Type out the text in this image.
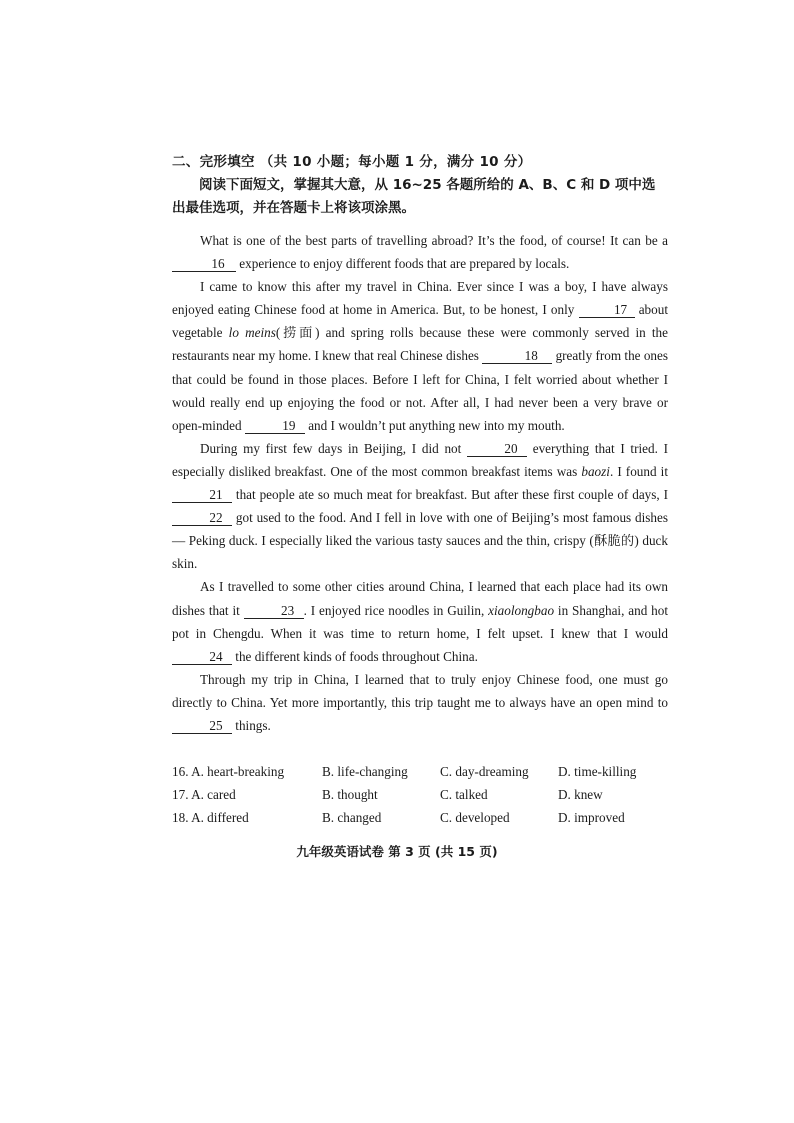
二、完形填空 （共 10 小题；每小题 1 分，满分 10 分）
阅读下面短文，掌握其大意，从 16~25 各题所给的 A、B、C 和 D 项中选出最佳选项，并在答题卡上将该项涂黑。

What is one of the best parts of travelling abroad? It’s the food, of course! It can be a 16 experience to enjoy different foods that are prepared by locals.

I came to know this after my travel in China. Ever since I was a boy, I have always enjoyed eating Chinese food at home in America. But, to be honest, I only	17 about vegetable lo meins(捞面) and spring rolls because these were commonly served in the restaurants near my home. I knew that real Chinese dishes	18 greatly from the ones that could be found in those places. Before I left for China, I felt worried about whether I would really end up enjoying the food or not. After all, I had never been a very brave or open-minded	19 and I wouldn’t put anything new into my mouth.

During my first few days in Beijing, I did not	20 everything that I tried. I especially disliked breakfast. One of the most common breakfast items was baozi. I found it 21 that people ate so much meat for breakfast. But after these first couple of days, I 22 got used to the food. And I fell in love with one of Beijing’s most famous dishes — Peking duck. I especially liked the various tasty sauces and the thin, crispy (酥脆的) duck skin.

As I travelled to some other cities around China, I learned that each place had its own dishes that it	23 . I enjoyed rice noodles in Guilin, xiaolongbao in Shanghai, and hot pot in Chengdu. When it was time to return home, I felt upset. I knew that I would 24 the different kinds of foods throughout China.

Through my trip in China, I learned that to truly enjoy Chinese food, one must go directly to China. Yet more importantly, this trip taught me to always have an open mind to 25 things.

16. A. heart-breaking	B. life-changing	C. day-dreaming	D. time-killing
17. A. cared	B. thought	C. talked	D. knew
18. A. differed	B. changed	C. developed	D. improved
九年级英语试卷 第 3 页 (共 15 页)
